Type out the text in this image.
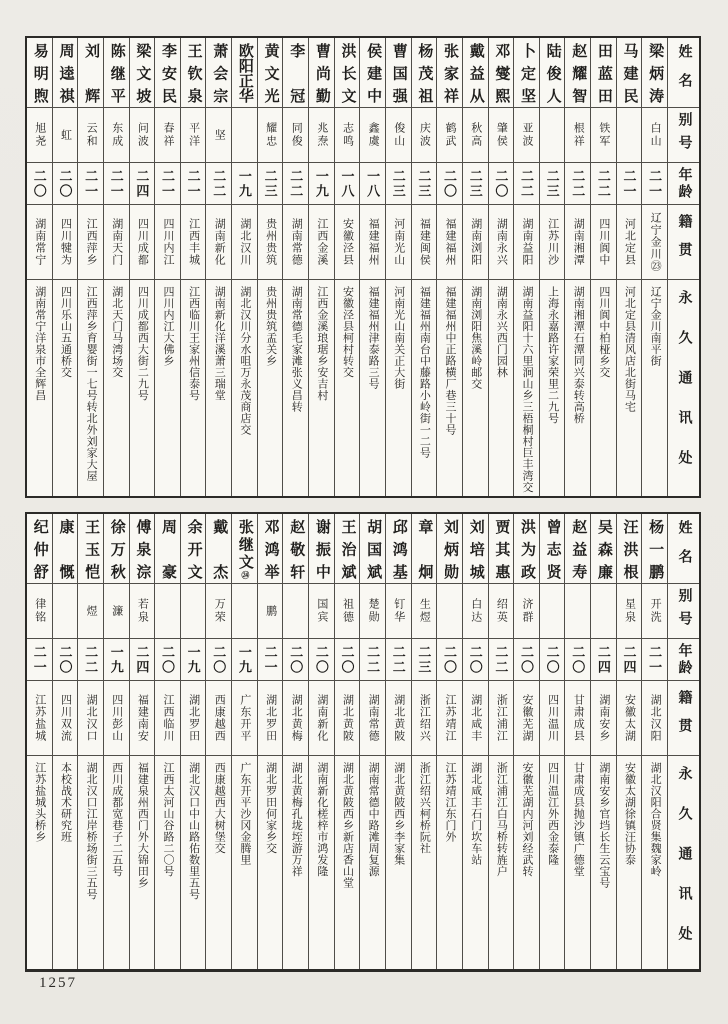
姓名
别号
年龄
籍贯
永久通讯处
梁炳涛
白山
二一
辽宁金川㉓
辽宁金川南平街
马建民
二一
河北定县
河北定县清风店北街马宅
田蓝田
铁军
二二
四川阆中
四川阆中柏桠乡交
赵耀智
根祥
二二
湖南湘潭
湖南湘潭石潭同兴泰转高桥
陆俊人
二三
江苏川沙
上海永嘉路许家荣里二九号
卜定坚
亚波
二二
湖南益阳
湖南益阳十六里涧山乡三梧桐村巨丰湾交
邓燮熙
肇侯
二〇
湖南永兴
湖南永兴西门园林
戴益从
秋高
二三
湖南浏阳
湖南浏阳焦溪岭邮交
张家祥
鹤武
二〇
福建福州
福建福州中正路横厂巷三十号
杨茂祖
庆波
二三
福建闽侯
福建福州南台中藤路小岭街一二号
曹国强
俊山
二三
河南光山
河南光山南关正大街
侯建中
鑫虞
一八
福建福州
福建福州津泰路三号
洪长文
志鸣
一八
安徽泾县
安徽泾县柯村转交
曹尚勤
兆焘
一九
江西金溪
江西金溪琅琚乡安吉村
李冠
同俊
二二
湖南常德
湖南常德毛家滩张义昌转
黄文光
耀忠
二三
贵州贵筑
贵州贵筑孟关乡
欧阳正华
一九
湖北汉川
湖北汉川分水咀万永茂商店交
萧会宗
坚
二二
湖南新化
湖南新化洋溪萧三瑞堂
王钦泉
平洋
二一
江西丰城
江西临川王家州信泰号
李安民
春祥
二一
四川内江
四川内江大佛乡
梁文坡
问波
二四
四川成都
四川成都西大街二九号
陈继平
东成
二一
湖南天门
湖北天门马湾场交
刘辉
云和
二一
江西萍乡
江西萍乡育婴街一七号转北外刘家大屋
周逵祺
虹
二〇
四川犍为
四川乐山五通桥交
易明煦
旭尧
二〇
湖南常宁
湖南常宁洋泉市全辉昌
姓名
别号
年龄
籍贯
永久通讯处
杨一鹏
开洗
二一
湖北汉阳
湖北汉阳合贤集魏家岭
汪洪根
星泉
二四
安徽太湖
安徽太湖徐镇汪协泰
吴森廉
二四
湖南安乡
湖南安乡官垱长生云宝号
赵益寿
二〇
甘肃成县
甘肃成县抛沙镇广德堂
曾志贤
二〇
四川温川
四川温江外西金泰隆
洪为政
济群
二〇
安徽芜湖
安徽芜湖内河刘经武转
贾其惠
绍英
二二
浙江浦江
浙江浦江白马桥转旌户
刘培城
白达
二〇
湖北咸丰
湖北咸丰石门坎车站
刘炳勋
二〇
江苏靖江
江苏靖江东门外
章炯
生煜
二三
浙江绍兴
浙江绍兴柯桥阮社
邱鸿基
钉华
二二
湖北黄陂
湖北黄陂西乡李家集
胡国斌
楚勋
二二
湖南常德
湖南常德中路滩周复源
王治斌
祖德
二〇
湖北黄陂
湖北黄陂西乡新店香山堂
谢振中
国宾
二〇
湖南新化
湖南新化槎梓市鸿发隆
赵敬轩
二〇
湖北黄梅
湖北黄梅孔垅垤游万祥
邓鸿举
鹏
二一
湖北罗田
湖北罗田何家乡交
张继文㉔
一九
广东开平
广东开平沙冈金腾里
戴杰
万荣
二〇
西康越西
西康越西大树堡交
余开文
一九
湖北罗田
湖北汉口中山路佑数里五号
周豪
二〇
江西临川
江西太河山谷路二〇号
傅泉淙
若泉
二四
福建南安
福建泉州西门外大锦田乡
徐万秋
濂
一九
四川彭山
西川成都宽巷子二五号
王玉恺
煜
二二
湖北汉口
湖北汉口江岸桥场街三五号
康慨
二〇
四川双流
本校战术研究班
纪仲舒
律铭
二一
江苏盐城
江苏盐城头桥乡
1257
